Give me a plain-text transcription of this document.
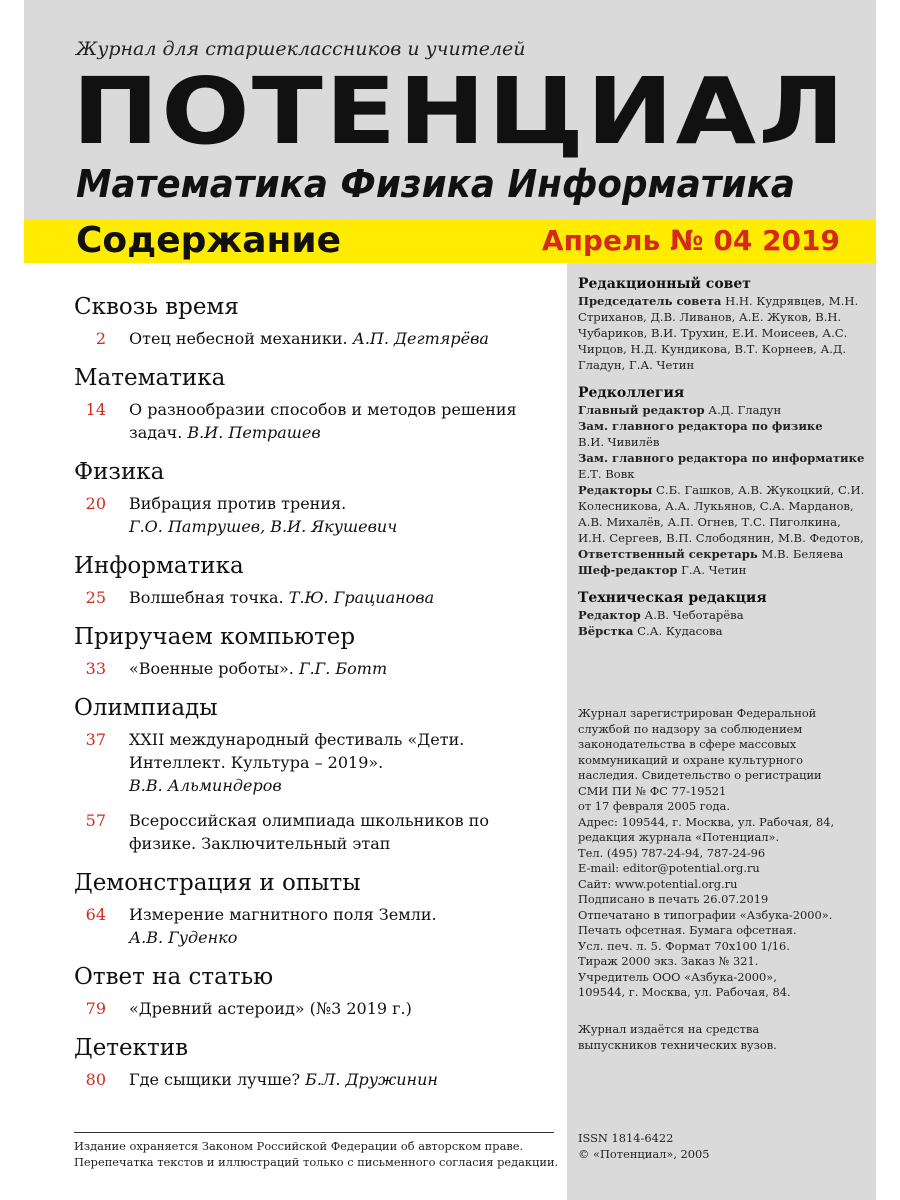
Журнал для старшеклассников и учителей
ПОТЕНЦИАЛ
Математика Физика Информатика
Содержание	Апрель № 04 2019
Сквозь время
2 Отец небесной механики. А.П. Дегтярёва
Математика
14 О разнообразии способов и методов решения задач. В.И. Петрашев
Физика
20 Вибрация против трения.
Г.О. Патрушев, В.И. Якушевич
Информатика
25 Волшебная точка. Т.Ю. Грацианова
Приручаем компьютер
33 «Военные роботы». Г.Г. Ботт
Олимпиады
37 XXII международный фестиваль «Дети. Интеллект. Культура – 2019».
В.В. Альминдеров
57 Всероссийская олимпиада школьников по физике. Заключительный этап
Демонстрация и опыты
64 Измерение магнитного поля Земли.
А.В. Гуденко
Ответ на статью
79 «Древний астероид» (№3 2019 г.)
Детектив
80 Где сыщики лучше? Б.Л. Дружинин
Редакционный совет
Председатель совета Н.Н. Кудрявцев, М.Н. Стриханов, Д.В. Ливанов, А.Е. Жуков, В.Н. Чубариков, В.И. Трухин, Е.И. Моисеев, А.С. Чирцов, Н.Д. Кундикова, В.Т. Корнеев, А.Д. Гладун, Г.А. Четин
Редколлегия
Главный редактор А.Д. Гладун
Зам. главного редактора по физике
В.И. Чивилёв
Зам. главного редактора по информатике
Е.Т. Вовк
Редакторы С.Б. Гашков, А.В. Жукоцкий, С.И. Колесникова, А.А. Лукьянов, С.А. Марданов, А.В. Михалёв, А.П. Огнев, Т.С. Пиголкина, И.Н. Сергеев, В.П. Слободянин, М.В. Федотов,
Ответственный секретарь М.В. Беляева
Шеф-редактор Г.А. Четин
Техническая редакция
Редактор А.В. Чеботарёва
Вёрстка С.А. Кудасова
Журнал зарегистрирован Федеральной
службой по надзору за соблюдением
законодательства в сфере массовых
коммуникаций и охране культурного
наследия. Свидетельство о регистрации
СМИ ПИ № ФС 77-19521
от 17 февраля 2005 года.
Адрес: 109544, г. Москва, ул. Рабочая, 84,
редакция журнала «Потенциал».
Тел. (495) 787-24-94, 787-24-96
E-mail: editor@potential.org.ru
Сайт: www.potential.org.ru
Подписано в печать 26.07.2019
Отпечатано в типографии «Азбука-2000».
Печать офсетная. Бумага офсетная.
Усл. печ. л. 5. Формат 70х100 1/16.
Тираж 2000 экз. Заказ № 321.
Учредитель ООО «Азбука-2000»,
109544, г. Москва, ул. Рабочая, 84.
Журнал издаётся на средства
выпускников технических вузов.
ISSN 1814-6422
© «Потенциал», 2005
Издание охраняется Законом Российской Федерации об авторском праве.
Перепечатка текстов и иллюстраций только с письменного согласия редакции.
